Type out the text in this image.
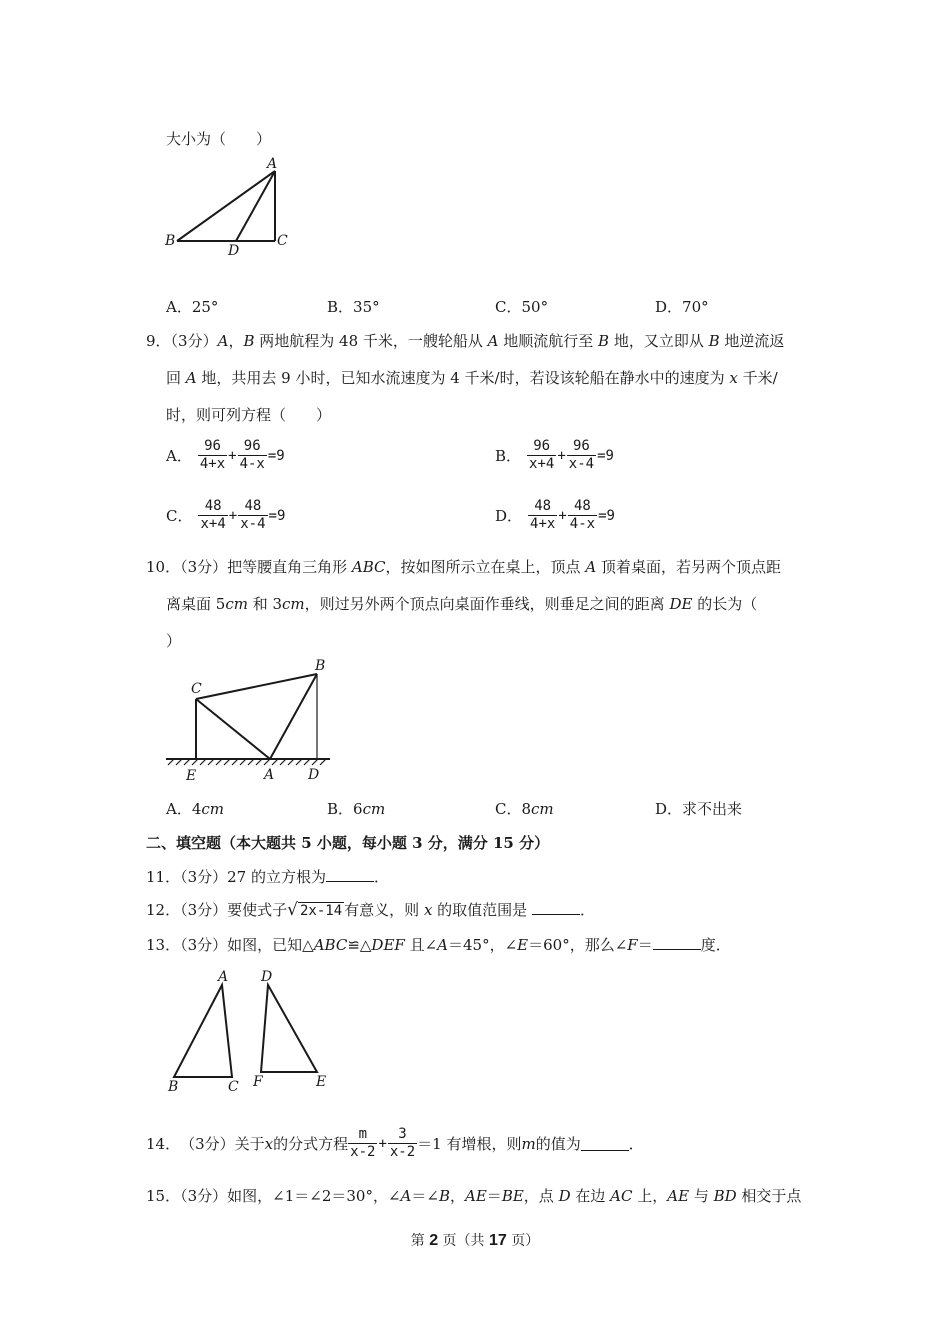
大小为（　　）
A
B	C
D
A．25°	B．35°	C．50°	D．70°
9．（3分）A，B 两地航程为 48 千米，一艘轮船从 A 地顺流航行至 B 地，又立即从 B 地逆流返
回 A 地，共用去 9 小时，已知水流速度为 4 千米/时，若设该轮船在静水中的速度为 x 千米/
时，则可列方程（　　）
A． $\frac{96}{4+x} + \frac{96}{4-x} =9$	B． $\frac{96}{x+4} + \frac{96}{x-4} =9$
C． $\frac{48}{x+4} + \frac{48}{x-4} =9$	D． $\frac{48}{4+x} + \frac{48}{4-x} =9$
10．（3分）把等腰直角三角形 ABC，按如图所示立在桌上，顶点 A 顶着桌面，若另两个顶点距
离桌面 5cm 和 3cm，则过另外两个顶点向桌面作垂线，则垂足之间的距离 DE 的长为（
）
C
B
E	A D
A．4cm	B．6cm	C．8cm	D．求不出来
二、填空题（本大题共 5 小题，每小题 3 分，满分 15 分）
11．（3分）27 的立方根为	．
12．（3分）要使式子√ 2x-14 有意义，则 x 的取值范围是	．
13．（3分）如图，已知△ABC≌△DEF 且∠A＝45°，∠E＝60°，那么∠F＝	度．
A
B	C
D
F	E
14． （3分） 关于 x 的分式方程 $\frac{m}{x-2} + \frac{3}{x-2} =1$ 有增根，则 m 的值为	．
15．（3分）如图，∠1＝∠2＝30°，∠A＝∠B，AE＝BE，点 D 在边 AC 上，AE 与 BD 相交于点
第 2 页（共 17 页）
